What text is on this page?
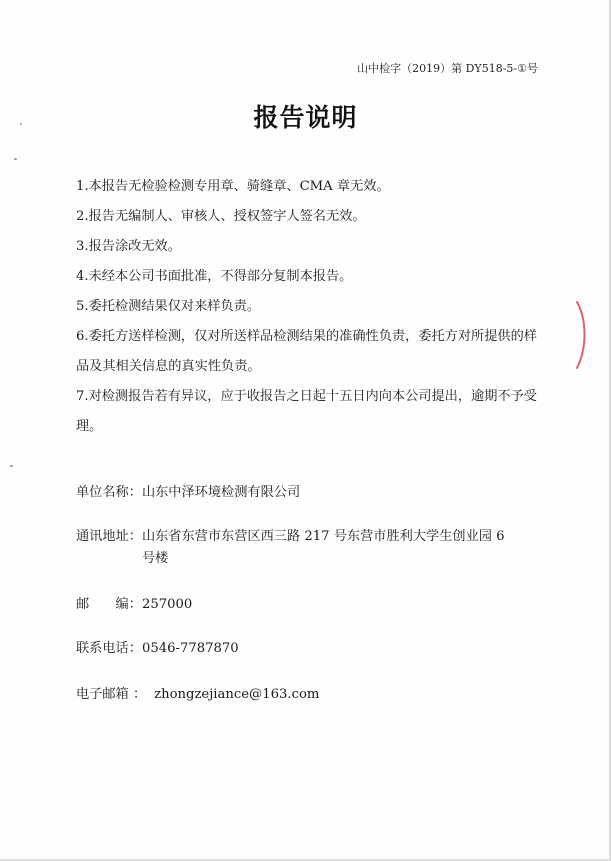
山中检字（2019）第 DY518-5-①号
报告说明

1.本报告无检验检测专用章、骑缝章、CMA 章无效。

2.报告无编制人、审核人、授权签字人签名无效。

3.报告涂改无效。

4.未经本公司书面批准，不得部分复制本报告。

5.委托检测结果仅对来样负责。

6.委托方送样检测，仅对所送样品检测结果的准确性负责，委托方对所提供的样品及其相关信息的真实性负责。

7.对检测报告若有异议，应于收报告之日起十五日内向本公司提出，逾期不予受理。

单位名称：山东中泽环境检测有限公司
通讯地址：山东省东营市东营区西三路 217 号东营市胜利大学生创业园 6 号楼
邮　　编：257000
联系电话：0546-7787870
电子邮箱 ： zhongzejiance@163.com
